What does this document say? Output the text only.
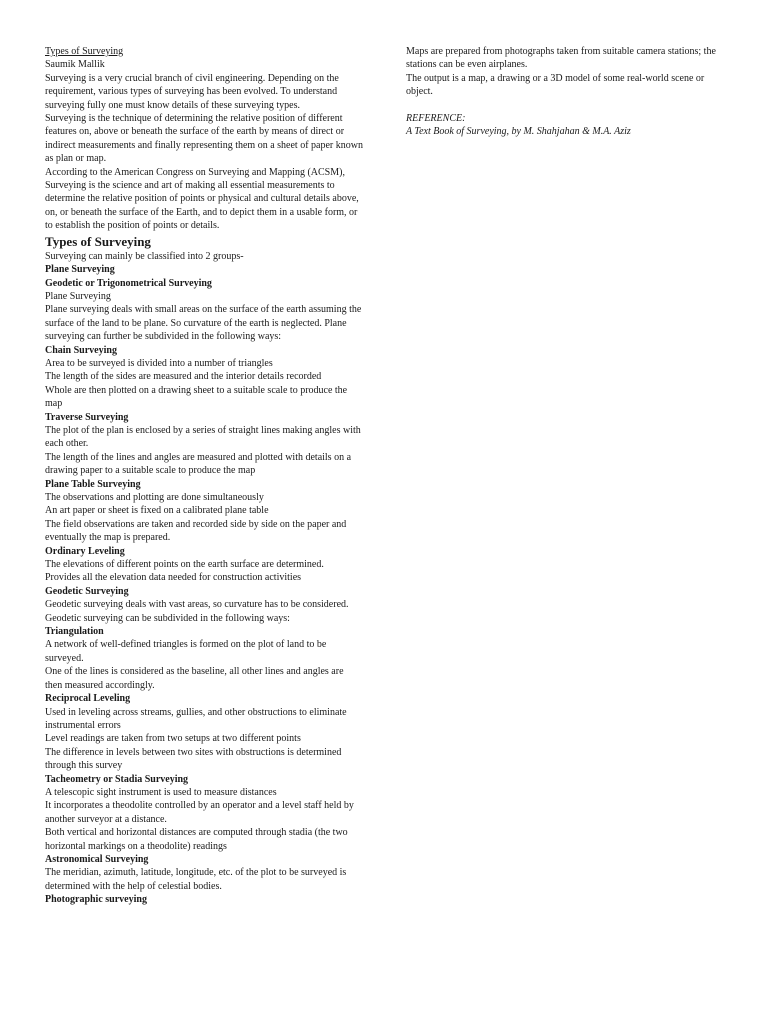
Types of Surveying

Saumik Mallik

Surveying is a very crucial branch of civil engineering. Depending on the requirement, various types of surveying has been evolved. To understand surveying fully one must know details of these surveying types.

Surveying is the technique of determining the relative position of different features on, above or beneath the surface of the earth by means of direct or indirect measurements and finally representing them on a sheet of paper known as plan or map.

According to the American Congress on Surveying and Mapping (ACSM),

Surveying is the science and art of making all essential measurements to determine the relative position of points or physical and cultural details above, on, or beneath the surface of the Earth, and to depict them in a usable form, or to establish the position of points or details.

Types of Surveying

Surveying can mainly be classified into 2 groups-

Plane Surveying

Geodetic or Trigonometrical Surveying

Plane Surveying

Plane surveying deals with small areas on the surface of the earth assuming the surface of the land to be plane. So curvature of the earth is neglected. Plane surveying can further be subdivided in the following ways:

Chain Surveying

Area to be surveyed is divided into a number of triangles

The length of the sides are measured and the interior details recorded

Whole are then plotted on a drawing sheet to a suitable scale to produce the map

Traverse Surveying

The plot of the plan is enclosed by a series of straight lines making angles with each other.

The length of the lines and angles are measured and plotted with details on a drawing paper to a suitable scale to produce the map

Plane Table Surveying

The observations and plotting are done simultaneously

An art paper or sheet is fixed on a calibrated plane table

The field observations are taken and recorded side by side on the paper and eventually the map is prepared.

Ordinary Leveling

The elevations of different points on the earth surface are determined.

Provides all the elevation data needed for construction activities

Geodetic Surveying

Geodetic surveying deals with vast areas, so curvature has to be considered. Geodetic surveying can be subdivided in the following ways:

Triangulation

A network of well-defined triangles is formed on the plot of land to be surveyed.

One of the lines is considered as the baseline, all other lines and angles are then measured accordingly.

Reciprocal Leveling

Used in leveling across streams, gullies, and other obstructions to eliminate instrumental errors

Level readings are taken from two setups at two different points

The difference in levels between two sites with obstructions is determined through this survey

Tacheometry or Stadia Surveying

A telescopic sight instrument is used to measure distances

It incorporates a theodolite controlled by an operator and a level staff held by another surveyor at a distance.

Both vertical and horizontal distances are computed through stadia (the two horizontal markings on a theodolite) readings

Astronomical Surveying

The meridian, azimuth, latitude, longitude, etc. of the plot to be surveyed is determined with the help of celestial bodies.

Photographic surveying

Maps are prepared from photographs taken from suitable camera stations; the stations can be even airplanes.

The output is a map, a drawing or a 3D model of some real-world scene or object.

REFERENCE:

A Text Book of Surveying, by M. Shahjahan & M.A. Aziz
